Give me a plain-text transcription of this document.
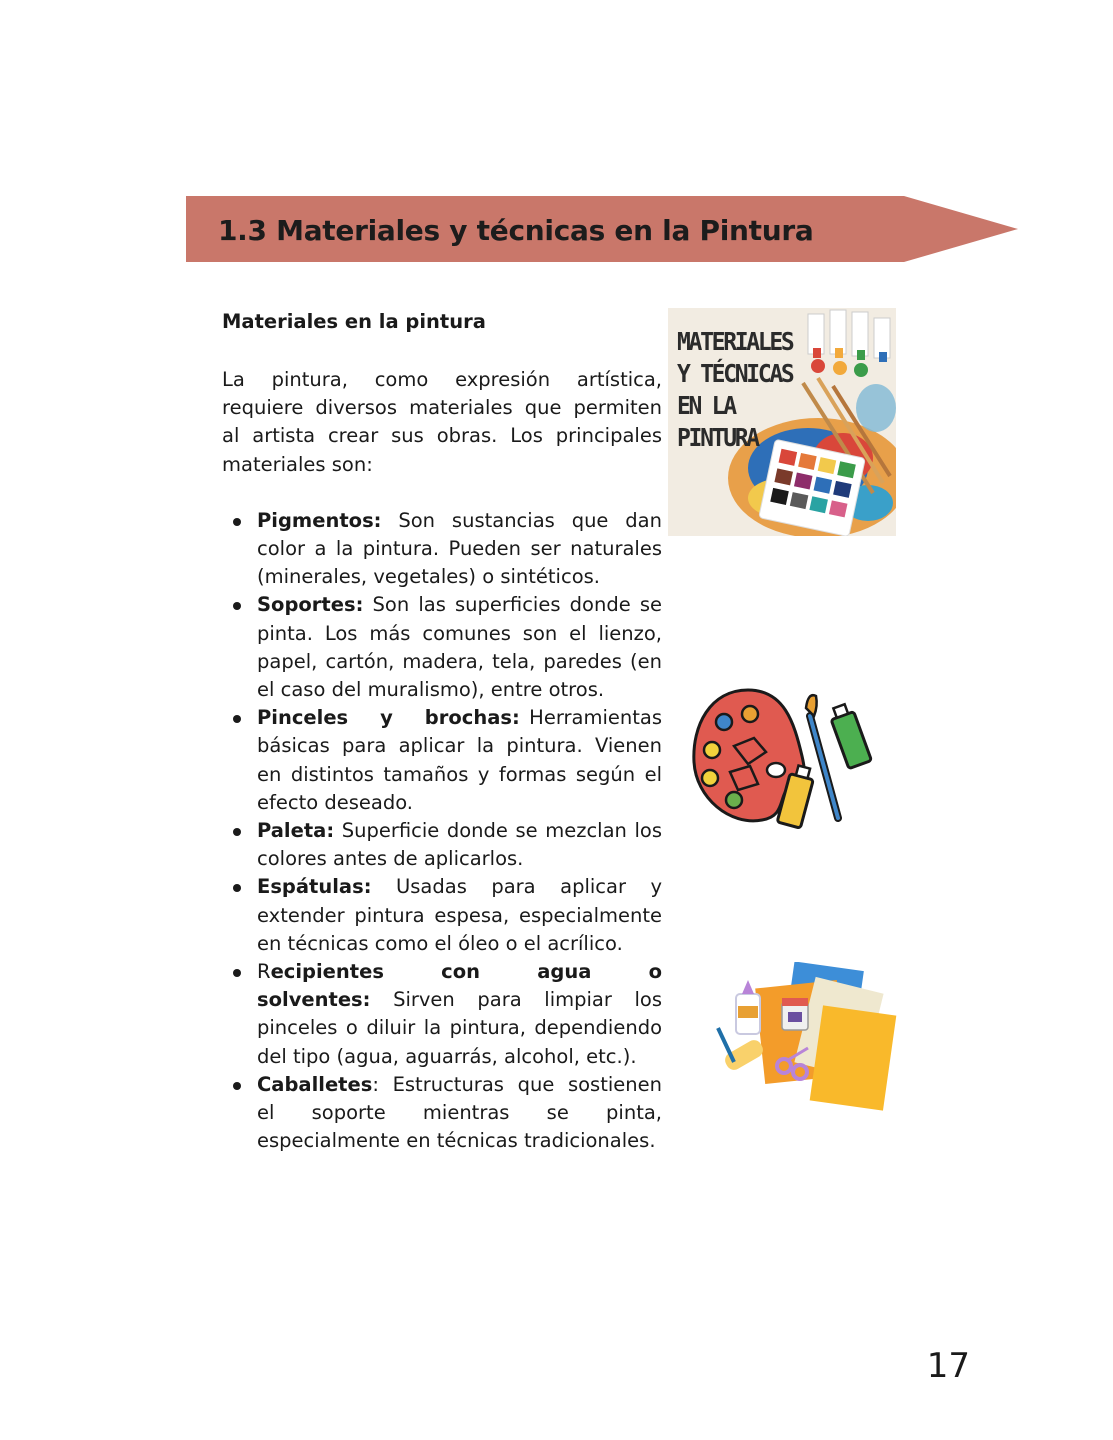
1.3 Materiales y técnicas en la Pintura
Materiales en la pintura

La pintura, como expresión artística, requiere diversos materiales que permiten al artista crear sus obras. Los principales materiales son:

Pigmentos: Son sustancias que dan color a la pintura. Pueden ser naturales (minerales, vegetales) o sintéticos.
Soportes: Son las superficies donde se pinta. Los más comunes son el lienzo, papel, cartón, madera, tela, paredes (en el caso del muralismo), entre otros.
Pinceles y brochas: Herramientas básicas para aplicar la pintura. Vienen en distintos tamaños y formas según el efecto deseado.
Paleta: Superficie donde se mezclan los colores antes de aplicarlos.
Espátulas: Usadas para aplicar y extender pintura espesa, especialmente en técnicas como el óleo o el acrílico.
Recipientes con agua o solventes: Sirven para limpiar los pinceles o diluir la pintura, dependiendo del tipo (agua, aguarrás, alcohol, etc.).
Caballetes: Estructuras que sostienen el soporte mientras se pinta, especialmente en técnicas tradicionales.
MATERIALES
Y TÉCNICAS
EN LA
PINTURA
17
